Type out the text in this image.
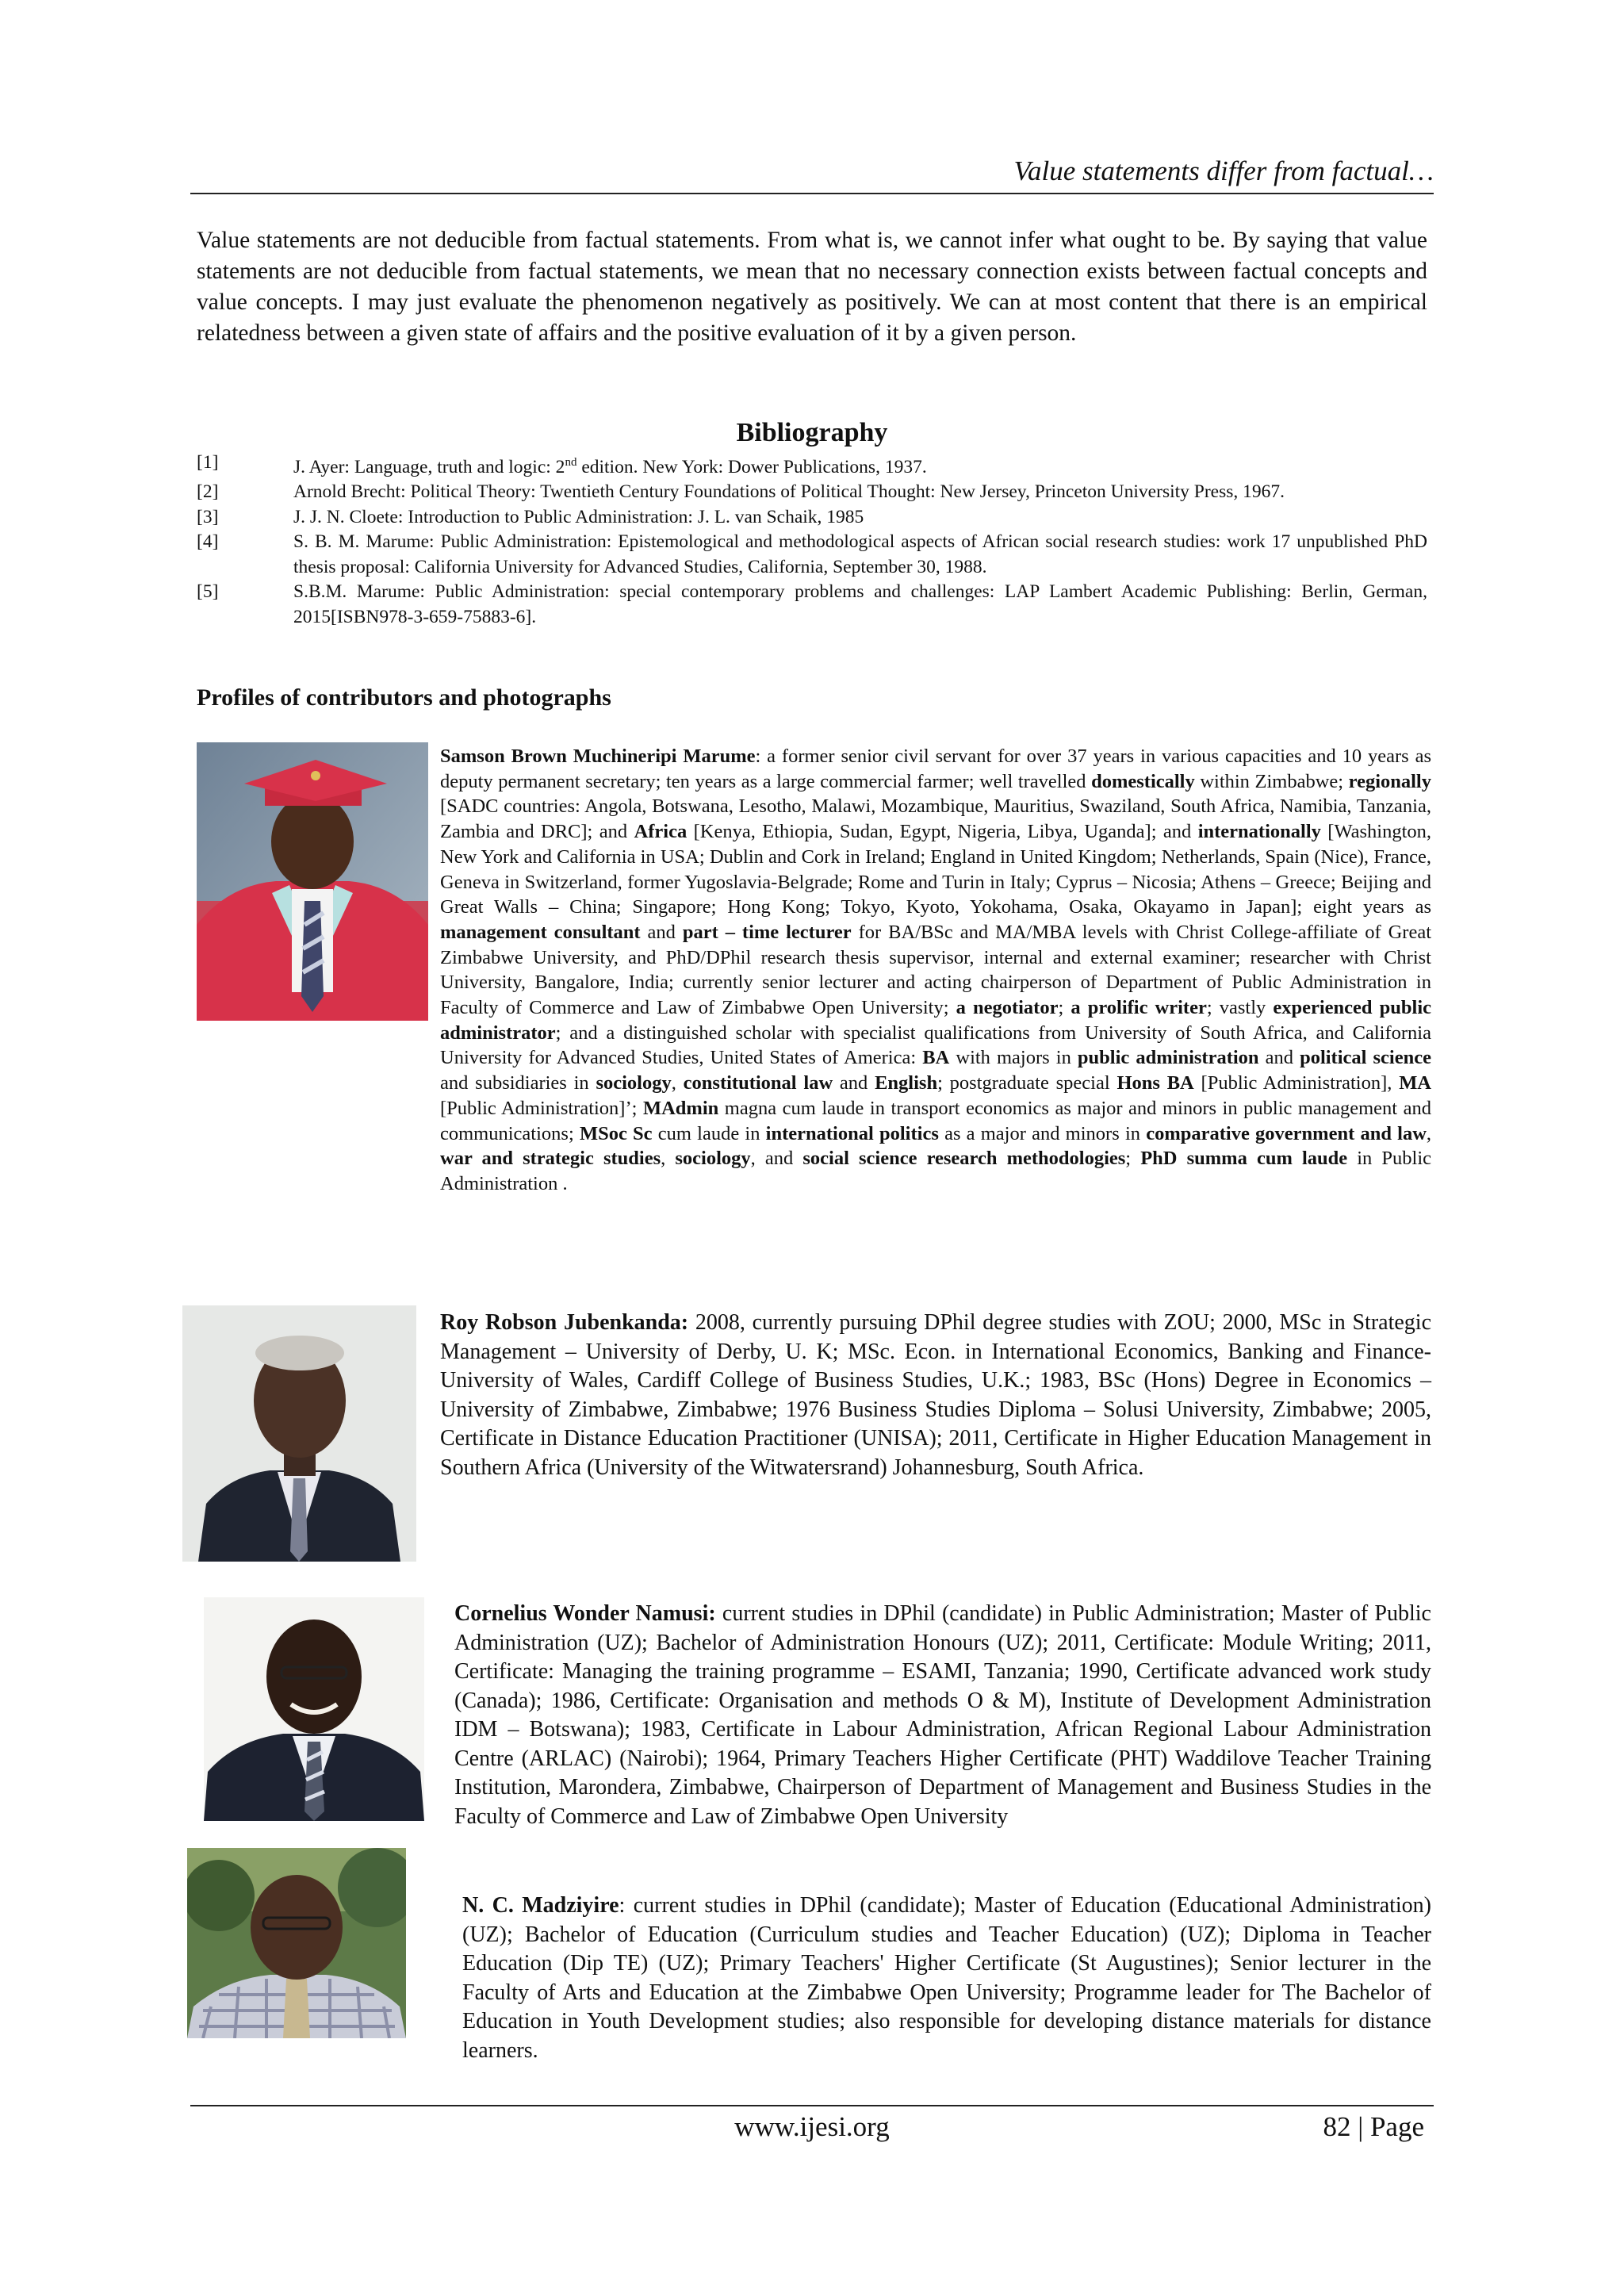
Value statements differ from factual…
Value statements are not deducible from factual statements. From what is, we cannot infer what ought to be. By saying that value statements are not deducible from factual statements, we mean that no necessary connection exists between factual concepts and value concepts. I may just evaluate the phenomenon negatively as positively. We can at most content that there is an empirical relatedness between a given state of affairs and the positive evaluation of it by a given person.
Bibliography
[1]	J. Ayer: Language, truth and logic: 2nd edition. New York: Dower Publications, 1937.
[2]	Arnold Brecht: Political Theory: Twentieth Century Foundations of Political Thought: New Jersey, Princeton University Press, 1967.
[3]	J. J. N. Cloete: Introduction to Public Administration: J. L. van Schaik, 1985
[4]	S. B. M. Marume: Public Administration: Epistemological and methodological aspects of African social research studies: work 17 unpublished PhD thesis proposal: California University for Advanced Studies, California, September 30, 1988.
[5]	S.B.M. Marume: Public Administration: special contemporary problems and challenges: LAP Lambert Academic Publishing: Berlin, German, 2015[ISBN978-3-659-75883-6].
Profiles of contributors and photographs
Samson Brown Muchineripi Marume: a former senior civil servant for over 37 years in various capacities and 10 years as deputy permanent secretary; ten years as a large commercial farmer; well travelled domestically within Zimbabwe; regionally [SADC countries: Angola, Botswana, Lesotho, Malawi, Mozambique, Mauritius, Swaziland, South Africa, Namibia, Tanzania, Zambia and DRC]; and Africa [Kenya, Ethiopia, Sudan, Egypt, Nigeria, Libya, Uganda]; and internationally [Washington, New York and California in USA; Dublin and Cork in Ireland; England in United Kingdom; Netherlands, Spain (Nice), France, Geneva in Switzerland, former Yugoslavia-Belgrade; Rome and Turin in Italy; Cyprus – Nicosia; Athens – Greece; Beijing and Great Walls – China; Singapore; Hong Kong; Tokyo, Kyoto, Yokohama, Osaka, Okayamo in Japan]; eight years as management consultant and part – time lecturer for BA/BSc and MA/MBA levels with Christ College-affiliate of Great Zimbabwe University, and PhD/DPhil research thesis supervisor, internal and external examiner; researcher with Christ University, Bangalore, India; currently senior lecturer and acting chairperson of Department of Public Administration in Faculty of Commerce and Law of Zimbabwe Open University; a negotiator; a prolific writer; vastly experienced public administrator; and a distinguished scholar with specialist qualifications from University of South Africa, and California University for Advanced Studies, United States of America: BA with majors in public administration and political science and subsidiaries in sociology, constitutional law and English; postgraduate special Hons BA [Public Administration], MA [Public Administration]’; MAdmin magna cum laude in transport economics as major and minors in public management and communications; MSoc Sc cum laude in international politics as a major and minors in comparative government and law, war and strategic studies, sociology, and social science research methodologies; PhD summa cum laude in Public Administration .
Roy Robson Jubenkanda: 2008, currently pursuing DPhil degree studies with ZOU; 2000, MSc in Strategic Management – University of Derby, U. K; MSc. Econ. in International Economics, Banking and Finance- University of Wales, Cardiff College of Business Studies, U.K.; 1983, BSc (Hons) Degree in Economics – University of Zimbabwe, Zimbabwe; 1976 Business Studies Diploma – Solusi University, Zimbabwe; 2005, Certificate in Distance Education Practitioner (UNISA); 2011, Certificate in Higher Education Management in Southern Africa (University of the Witwatersrand) Johannesburg, South Africa.
Cornelius Wonder Namusi: current studies in DPhil (candidate) in Public Administration; Master of Public Administration (UZ); Bachelor of Administration Honours (UZ); 2011, Certificate: Module Writing; 2011, Certificate: Managing the training programme – ESAMI, Tanzania; 1990, Certificate advanced work study (Canada); 1986, Certificate: Organisation and methods O & M), Institute of Development Administration IDM – Botswana); 1983, Certificate in Labour Administration, African Regional Labour Administration Centre (ARLAC) (Nairobi); 1964, Primary Teachers Higher Certificate (PHT) Waddilove Teacher Training Institution, Marondera, Zimbabwe, Chairperson of Department of Management and Business Studies in the Faculty of Commerce and Law of Zimbabwe Open University
N. C. Madziyire: current studies in DPhil (candidate); Master of Education (Educational Administration) (UZ); Bachelor of Education (Curriculum studies and Teacher Education) (UZ); Diploma in Teacher Education (Dip TE) (UZ); Primary Teachers' Higher Certificate (St Augustines); Senior lecturer in the Faculty of Arts and Education at the Zimbabwe Open University; Programme leader for The Bachelor of Education in Youth Development studies; also responsible for developing distance materials for distance learners.
www.ijesi.org	82 | Page
